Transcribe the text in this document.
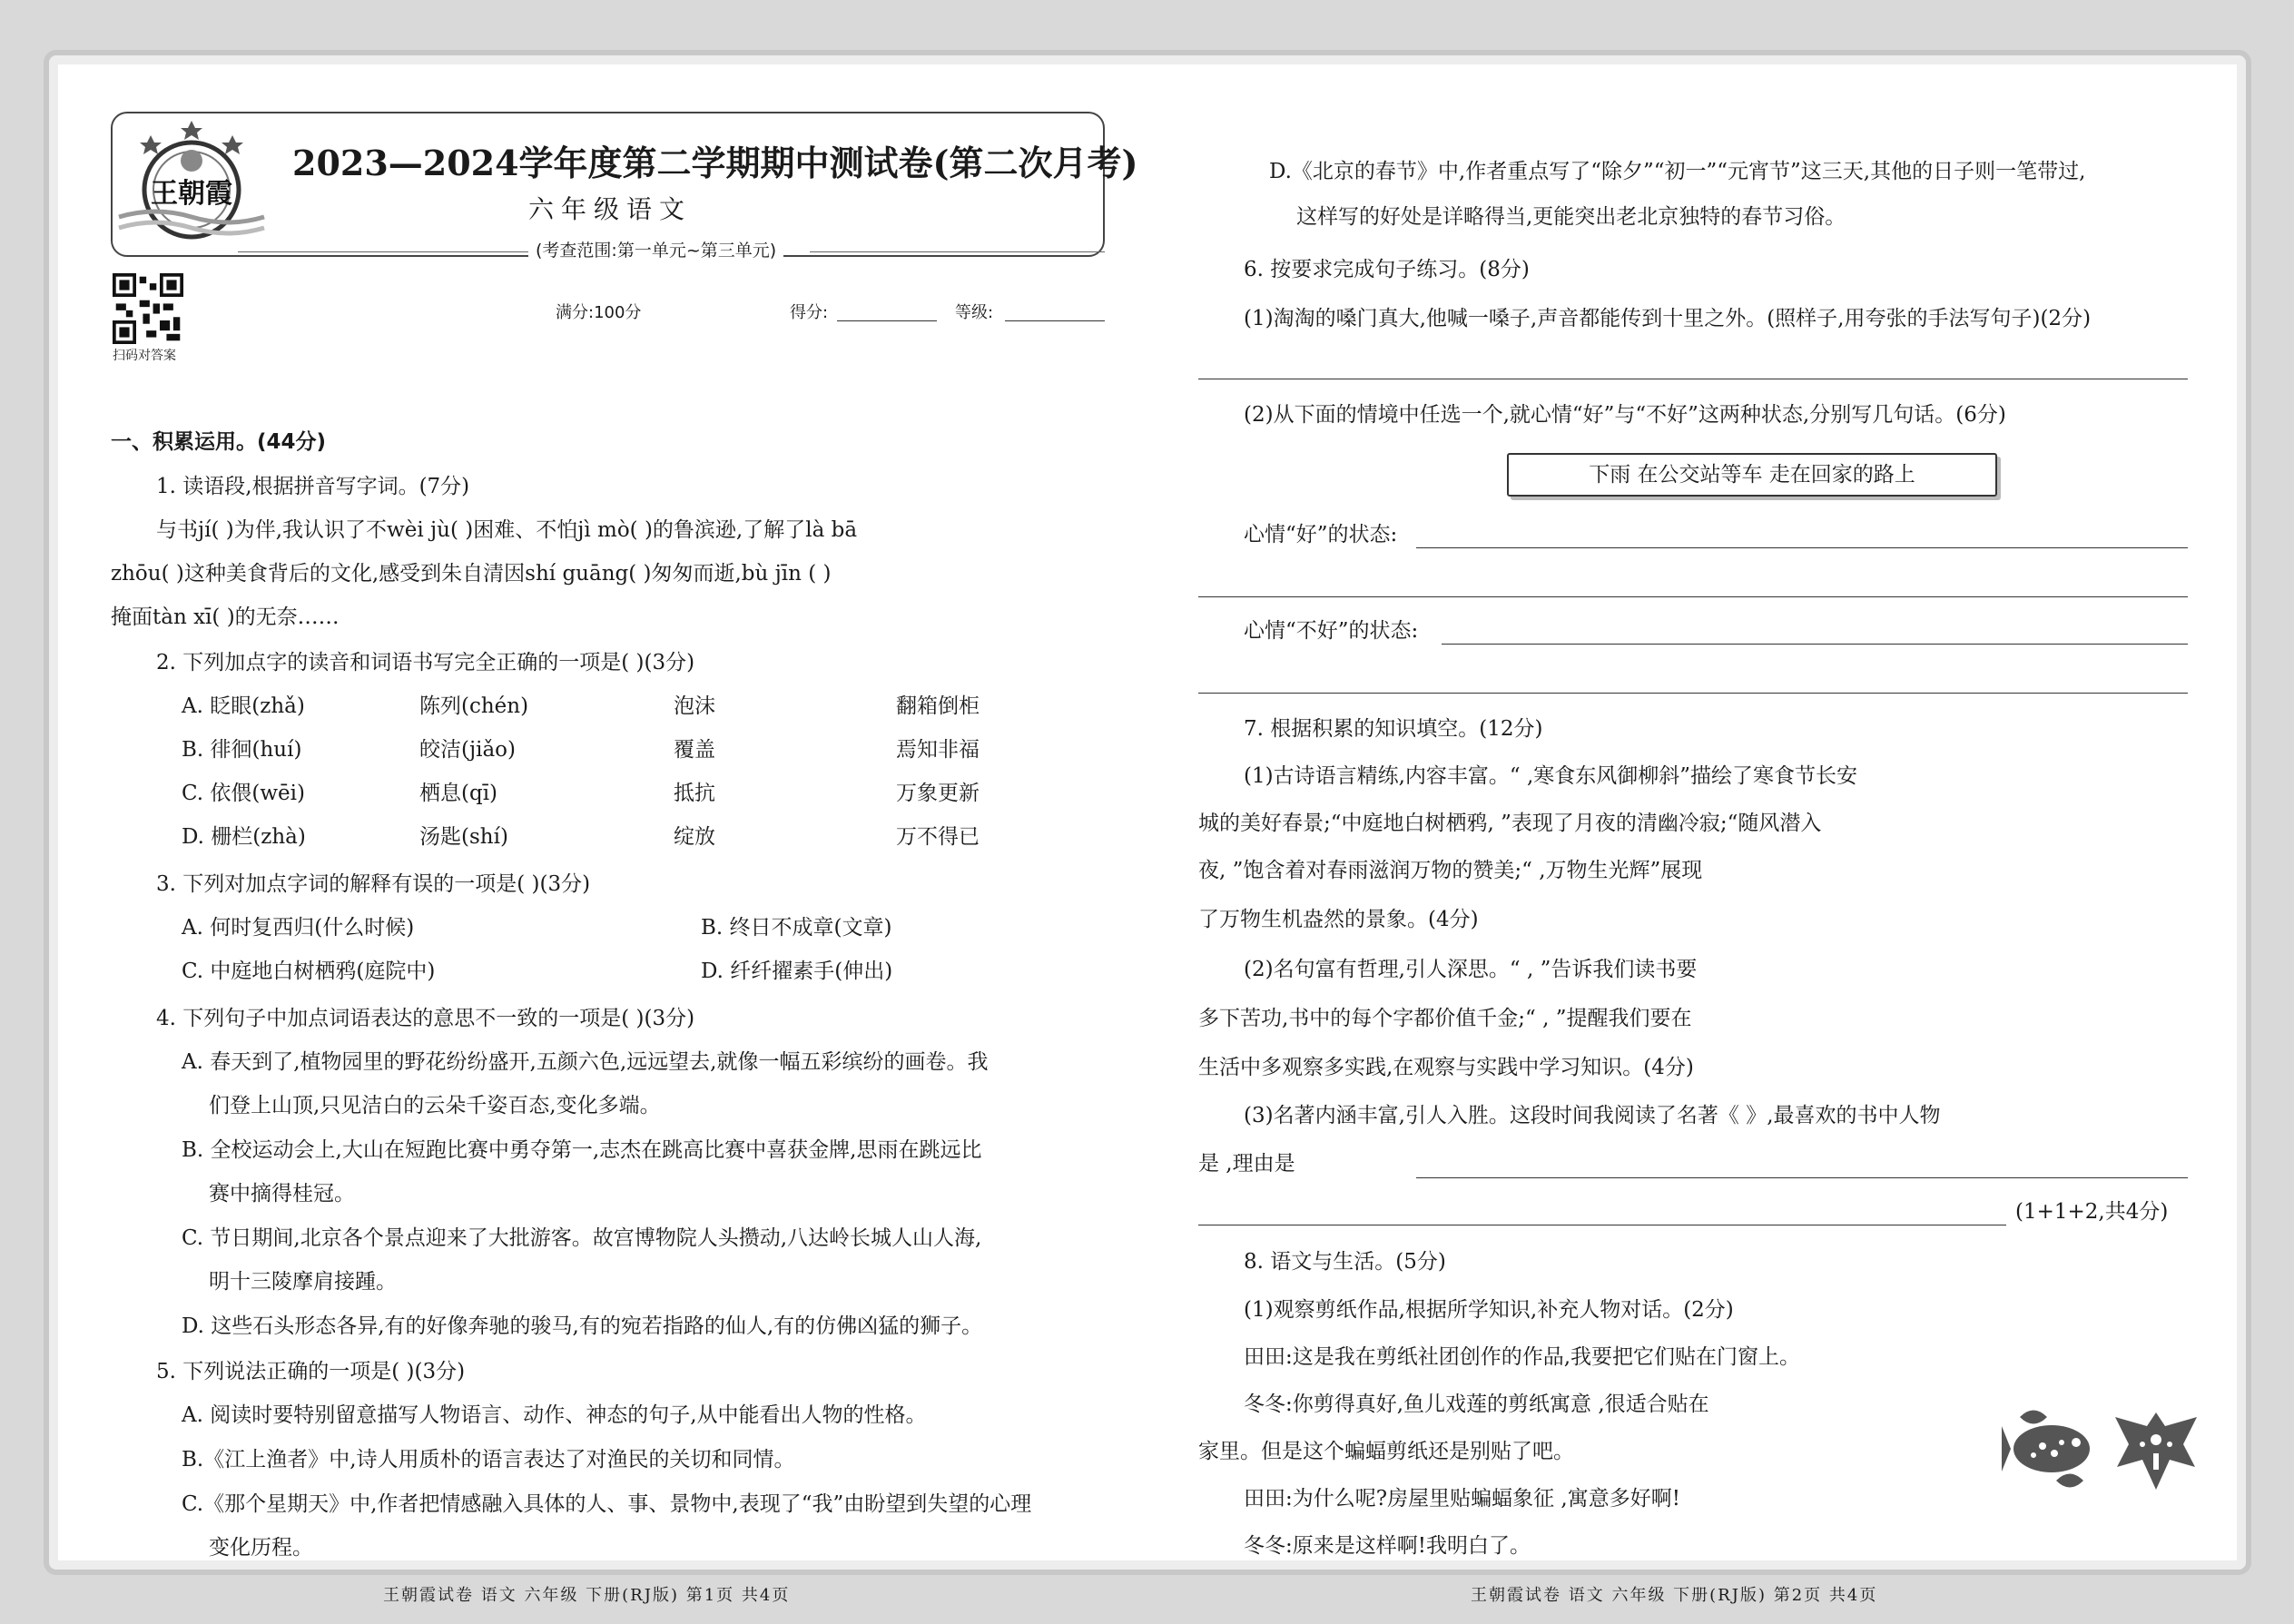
王朝霞
2023—2024学年度第二学期期中测试卷(第二次月考)
六年级语文
(考查范围:第一单元~第三单元)
扫码对答案
满分:100分	得分:	等级:
一、积累运用。(44分)
1. 读语段,根据拼音写字词。(7分)
与书jí( )为伴,我认识了不wèi jù( )困难、不怕jì mò( )的鲁滨逊,了解了là bā
zhōu( )这种美食背后的文化,感受到朱自清因shí guāng( )匆匆而逝,bù jīn ( )
掩面tàn xī( )的无奈……
2. 下列加点字的读音和词语书写完全正确的一项是( )(3分)
A. 眨眼(zhǎ)	陈列(chén)	泡沫	翻箱倒柜
B. 徘徊(huí)	皎洁(jiǎo)	覆盖	焉知非福
C. 依偎(wēi)	栖息(qī)	抵抗	万象更新
D. 栅栏(zhà)	汤匙(shí)	绽放	万不得已
3. 下列对加点字词的解释有误的一项是( )(3分)
A. 何时复西归(什么时候)	B. 终日不成章(文章)
C. 中庭地白树栖鸦(庭院中)	D. 纤纤擢素手(伸出)
4. 下列句子中加点词语表达的意思不一致的一项是( )(3分)
A. 春天到了,植物园里的野花纷纷盛开,五颜六色,远远望去,就像一幅五彩缤纷的画卷。我
们登上山顶,只见洁白的云朵千姿百态,变化多端。
B. 全校运动会上,大山在短跑比赛中勇夺第一,志杰在跳高比赛中喜获金牌,思雨在跳远比
赛中摘得桂冠。
C. 节日期间,北京各个景点迎来了大批游客。故宫博物院人头攒动,八达岭长城人山人海,
明十三陵摩肩接踵。
D. 这些石头形态各异,有的好像奔驰的骏马,有的宛若指路的仙人,有的仿佛凶猛的狮子。
5. 下列说法正确的一项是( )(3分)
A. 阅读时要特别留意描写人物语言、动作、神态的句子,从中能看出人物的性格。
B.《江上渔者》中,诗人用质朴的语言表达了对渔民的关切和同情。
C.《那个星期天》中,作者把情感融入具体的人、事、景物中,表现了“我”由盼望到失望的心理
变化历程。
王朝霞试卷 语文 六年级 下册(RJ版) 第1页 共4页
D.《北京的春节》中,作者重点写了“除夕”“初一”“元宵节”这三天,其他的日子则一笔带过,
这样写的好处是详略得当,更能突出老北京独特的春节习俗。
6. 按要求完成句子练习。(8分)
(1)淘淘的嗓门真大,他喊一嗓子,声音都能传到十里之外。(照样子,用夸张的手法写句子)(2分)
(2)从下面的情境中任选一个,就心情“好”与“不好”这两种状态,分别写几句话。(6分)
下雨 在公交站等车 走在回家的路上
心情“好”的状态:
心情“不好”的状态:
7. 根据积累的知识填空。(12分)
(1)古诗语言精练,内容丰富。“ ,寒食东风御柳斜”描绘了寒食节长安
城的美好春景;“中庭地白树栖鸦, ”表现了月夜的清幽冷寂;“随风潜入
夜, ”饱含着对春雨滋润万物的赞美;“ ,万物生光辉”展现
了万物生机盎然的景象。(4分)
(2)名句富有哲理,引人深思。“ , ”告诉我们读书要
多下苦功,书中的每个字都价值千金;“ , ”提醒我们要在
生活中多观察多实践,在观察与实践中学习知识。(4分)
(3)名著内涵丰富,引人入胜。这段时间我阅读了名著《 》,最喜欢的书中人物
是 ,理由是
(1+1+2,共4分)
8. 语文与生活。(5分)
(1)观察剪纸作品,根据所学知识,补充人物对话。(2分)
田田:这是我在剪纸社团创作的作品,我要把它们贴在门窗上。
冬冬:你剪得真好,鱼儿戏莲的剪纸寓意 ,很适合贴在
家里。但是这个蝙蝠剪纸还是别贴了吧。
田田:为什么呢?房屋里贴蝙蝠象征 ,寓意多好啊!
冬冬:原来是这样啊!我明白了。
王朝霞试卷 语文 六年级 下册(RJ版) 第2页 共4页
